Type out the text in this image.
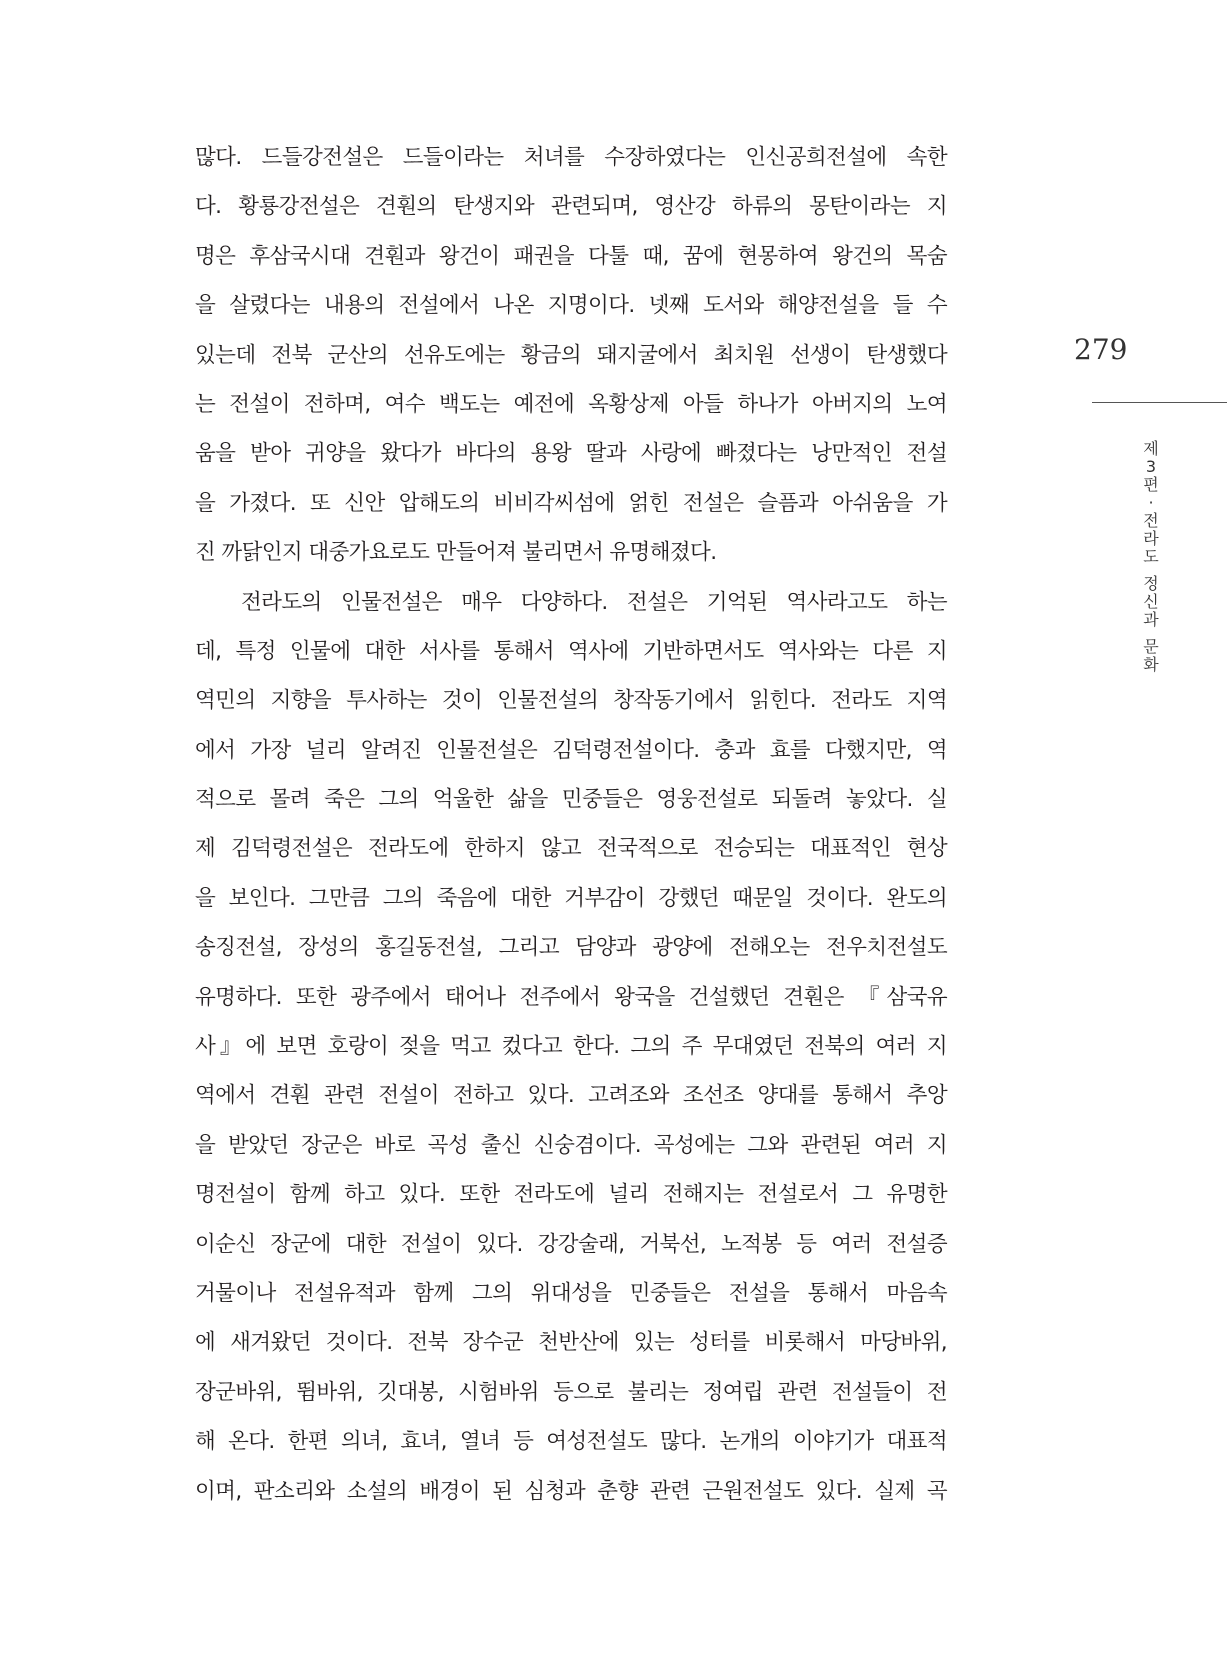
많다. 드들강전설은 드들이라는 처녀를 수장하였다는 인신공희전설에 속한
다. 황룡강전설은 견훤의 탄생지와 관련되며, 영산강 하류의 몽탄이라는 지
명은 후삼국시대 견훤과 왕건이 패권을 다툴 때, 꿈에 현몽하여 왕건의 목숨
을 살렸다는 내용의 전설에서 나온 지명이다. 넷째 도서와 해양전설을 들 수
있는데 전북 군산의 선유도에는 황금의 돼지굴에서 최치원 선생이 탄생했다
는 전설이 전하며, 여수 백도는 예전에 옥황상제 아들 하나가 아버지의 노여
움을 받아 귀양을 왔다가 바다의 용왕 딸과 사랑에 빠졌다는 낭만적인 전설
을 가졌다. 또 신안 압해도의 비비각씨섬에 얽힌 전설은 슬픔과 아쉬움을 가
진 까닭인지 대중가요로도 만들어져 불리면서 유명해졌다.
전라도의 인물전설은 매우 다양하다. 전설은 기억된 역사라고도 하는
데, 특정 인물에 대한 서사를 통해서 역사에 기반하면서도 역사와는 다른 지
역민의 지향을 투사하는 것이 인물전설의 창작동기에서 읽힌다. 전라도 지역
에서 가장 널리 알려진 인물전설은 김덕령전설이다. 충과 효를 다했지만, 역
적으로 몰려 죽은 그의 억울한 삶을 민중들은 영웅전설로 되돌려 놓았다. 실
제 김덕령전설은 전라도에 한하지 않고 전국적으로 전승되는 대표적인 현상
을 보인다. 그만큼 그의 죽음에 대한 거부감이 강했던 때문일 것이다. 완도의
송징전설, 장성의 홍길동전설, 그리고 담양과 광양에 전해오는 전우치전설도
유명하다. 또한 광주에서 태어나 전주에서 왕국을 건설했던 견훤은 『삼국유
사』에 보면 호랑이 젖을 먹고 컸다고 한다. 그의 주 무대였던 전북의 여러 지
역에서 견훤 관련 전설이 전하고 있다. 고려조와 조선조 양대를 통해서 추앙
을 받았던 장군은 바로 곡성 출신 신숭겸이다. 곡성에는 그와 관련된 여러 지
명전설이 함께 하고 있다. 또한 전라도에 널리 전해지는 전설로서 그 유명한
이순신 장군에 대한 전설이 있다. 강강술래, 거북선, 노적봉 등 여러 전설증
거물이나 전설유적과 함께 그의 위대성을 민중들은 전설을 통해서 마음속
에 새겨왔던 것이다. 전북 장수군 천반산에 있는 성터를 비롯해서 마당바위,
장군바위, 뜀바위, 깃대봉, 시험바위 등으로 불리는 정여립 관련 전설들이 전
해 온다. 한편 의녀, 효녀, 열녀 등 여성전설도 많다. 논개의 이야기가 대표적
이며, 판소리와 소설의 배경이 된 심청과 춘향 관련 근원전설도 있다. 실제 곡
279
제
3
편
·
전
라
도
정
신
과
문
화
